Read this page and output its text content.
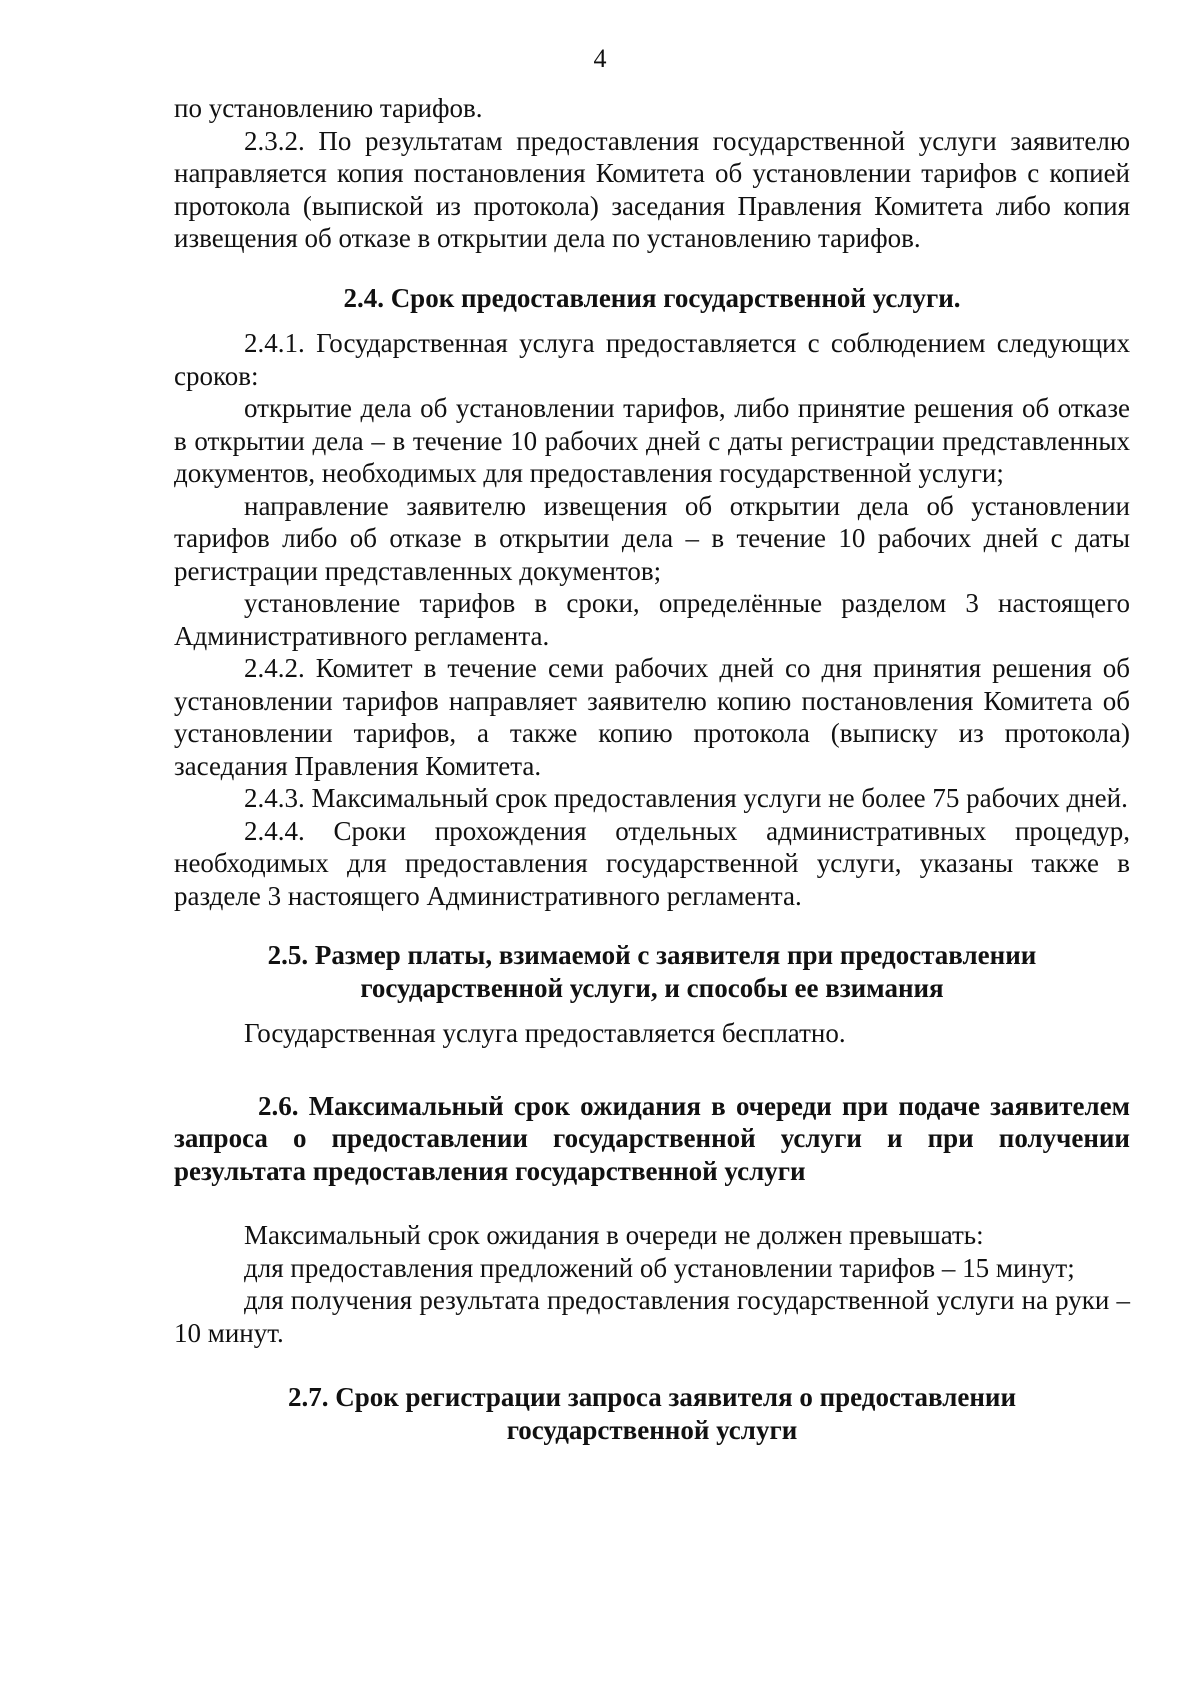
4

по установлению тарифов.

2.3.2. По результатам предоставления государственной услуги заявителю направляется копия постановления Комитета об установлении тарифов с копией протокола (выпиской из протокола) заседания Правления Комитета либо копия извещения об отказе в открытии дела по установлению тарифов.

2.4. Срок предоставления государственной услуги.

2.4.1. Государственная услуга предоставляется с соблюдением следующих сроков:

открытие дела об установлении тарифов, либо принятие решения об отказе в открытии дела – в течение 10 рабочих дней с даты регистрации представленных документов, необходимых для предоставления государственной услуги;

направление заявителю извещения об открытии дела об установлении тарифов либо об отказе в открытии дела – в течение 10 рабочих дней с даты регистрации представленных документов;

установление тарифов в сроки, определённые разделом 3 настоящего Административного регламента.

2.4.2. Комитет в течение семи рабочих дней со дня принятия решения об установлении тарифов направляет заявителю копию постановления Комитета об установлении тарифов, а также копию протокола (выписку из протокола) заседания Правления Комитета.

2.4.3. Максимальный срок предоставления услуги не более 75 рабочих дней.

2.4.4. Сроки прохождения отдельных административных процедур, необходимых для предоставления государственной услуги, указаны также в разделе 3 настоящего Административного регламента.

2.5. Размер платы, взимаемой с заявителя при предоставлении
государственной услуги, и способы ее взимания

Государственная услуга предоставляется бесплатно.

2.6. Максимальный срок ожидания в очереди при подаче заявителем запроса о предоставлении государственной услуги и при получении результата предоставления государственной услуги

Максимальный срок ожидания в очереди не должен превышать:

для предоставления предложений об установлении тарифов – 15 минут;

для получения результата предоставления государственной услуги на руки – 10 минут.

2.7. Срок регистрации запроса заявителя о предоставлении
государственной услуги
